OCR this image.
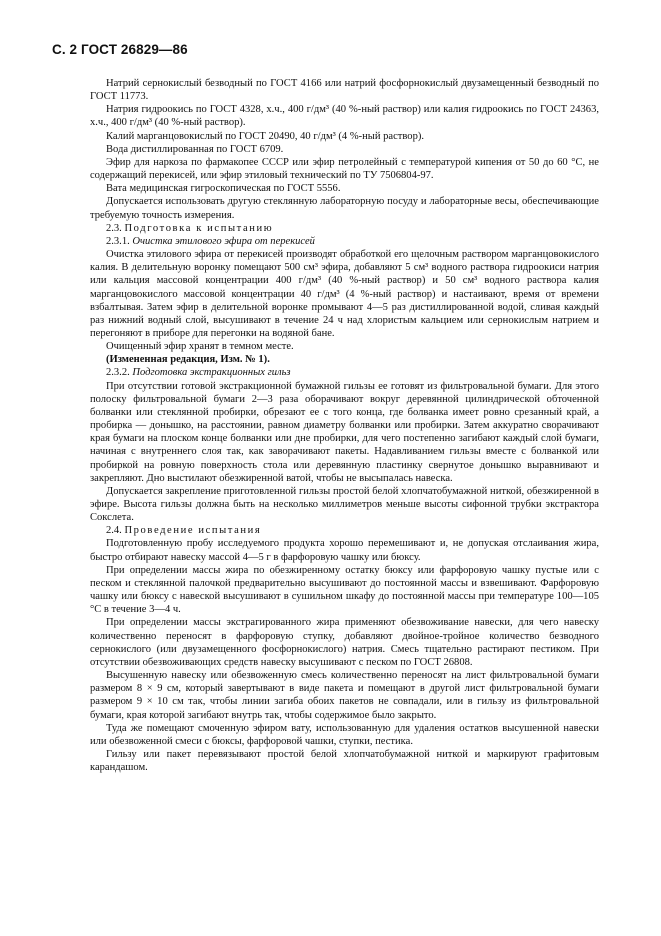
С. 2 ГОСТ 26829—86

Натрий сернокислый безводный по ГОСТ 4166 или натрий фосфорнокислый двузамещенный безводный по ГОСТ 11773.

Натрия гидроокись по ГОСТ 4328, х.ч., 400 г/дм³ (40 %-ный раствор) или калия гидроокись по ГОСТ 24363, х.ч., 400 г/дм³ (40 %-ный раствор).

Калий марганцовокислый по ГОСТ 20490, 40 г/дм³ (4 %-ный раствор).

Вода дистиллированная по ГОСТ 6709.

Эфир для наркоза по фармакопее СССР или эфир петролейный с температурой кипения от 50 до 60 °С, не содержащий перекисей, или эфир этиловый технический по ТУ 7506804-97.

Вата медицинская гигроскопическая по ГОСТ 5556.

Допускается использовать другую стеклянную лабораторную посуду и лабораторные весы, обеспечивающие требуемую точность измерения.

2.3. Подготовка к испытанию

2.3.1. Очистка этилового эфира от перекисей

Очистка этилового эфира от перекисей производят обработкой его щелочным раствором марганцовокислого калия. В делительную воронку помещают 500 см³ эфира, добавляют 5 см³ водного раствора гидроокиси натрия или кальция массовой концентрации 400 г/дм³ (40 %-ный раствор) и 50 см³ водного раствора калия марганцовокислого массовой концентрации 40 г/дм³ (4 %-ный раствор) и настаивают, время от времени взбалтывая. Затем эфир в делительной воронке промывают 4—5 раз дистиллированной водой, сливая каждый раз нижний водный слой, высушивают в течение 24 ч над хлористым кальцием или сернокислым натрием и перегоняют в приборе для перегонки на водяной бане.

Очищенный эфир хранят в темном месте.

(Измененная редакция, Изм. № 1).

2.3.2. Подготовка экстракционных гильз

При отсутствии готовой экстракционной бумажной гильзы ее готовят из фильтровальной бумаги. Для этого полоску фильтровальной бумаги 2—3 раза оборачивают вокруг деревянной цилиндрической обточенной болванки или стеклянной пробирки, обрезают ее с того конца, где болванка имеет ровно срезанный край, а пробирка — донышко, на расстоянии, равном диаметру болванки или пробирки. Затем аккуратно сворачивают края бумаги на плоском конце болванки или дне пробирки, для чего постепенно загибают каждый слой бумаги, начиная с внутреннего слоя так, как заворачивают пакеты. Надавливанием гильзы вместе с болванкой или пробиркой на ровную поверхность стола или деревянную пластинку свернутое донышко выравнивают и закрепляют. Дно выстилают обезжиренной ватой, чтобы не высыпалась навеска.

Допускается закрепление приготовленной гильзы простой белой хлопчатобумажной ниткой, обезжиренной в эфире. Высота гильзы должна быть на несколько миллиметров меньше высоты сифонной трубки экстрактора Сокслета.

2.4. Проведение испытания

Подготовленную пробу исследуемого продукта хорошо перемешивают и, не допуская отслаивания жира, быстро отбирают навеску массой 4—5 г в фарфоровую чашку или бюксу.

При определении массы жира по обезжиренному остатку бюксу или фарфоровую чашку пустые или с песком и стеклянной палочкой предварительно высушивают до постоянной массы и взвешивают. Фарфоровую чашку или бюксу с навеской высушивают в сушильном шкафу до постоянной массы при температуре 100—105 °С в течение 3—4 ч.

При определении массы экстрагированного жира применяют обезвоживание навески, для чего навеску количественно переносят в фарфоровую ступку, добавляют двойное-тройное количество безводного сернокислого (или двузамещенного фосфорнокислого) натрия. Смесь тщательно растирают пестиком. При отсутствии обезвоживающих средств навеску высушивают с песком по ГОСТ 26808.

Высушенную навеску или обезвоженную смесь количественно переносят на лист фильтровальной бумаги размером 8 × 9 см, который завертывают в виде пакета и помещают в другой лист фильтровальной бумаги размером 9 × 10 см так, чтобы линии загиба обоих пакетов не совпадали, или в гильзу из фильтровальной бумаги, края которой загибают внутрь так, чтобы содержимое было закрыто.

Туда же помещают смоченную эфиром вату, использованную для удаления остатков высушенной навески или обезвоженной смеси с бюксы, фарфоровой чашки, ступки, пестика.

Гильзу или пакет перевязывают простой белой хлопчатобумажной ниткой и маркируют графитовым карандашом.
